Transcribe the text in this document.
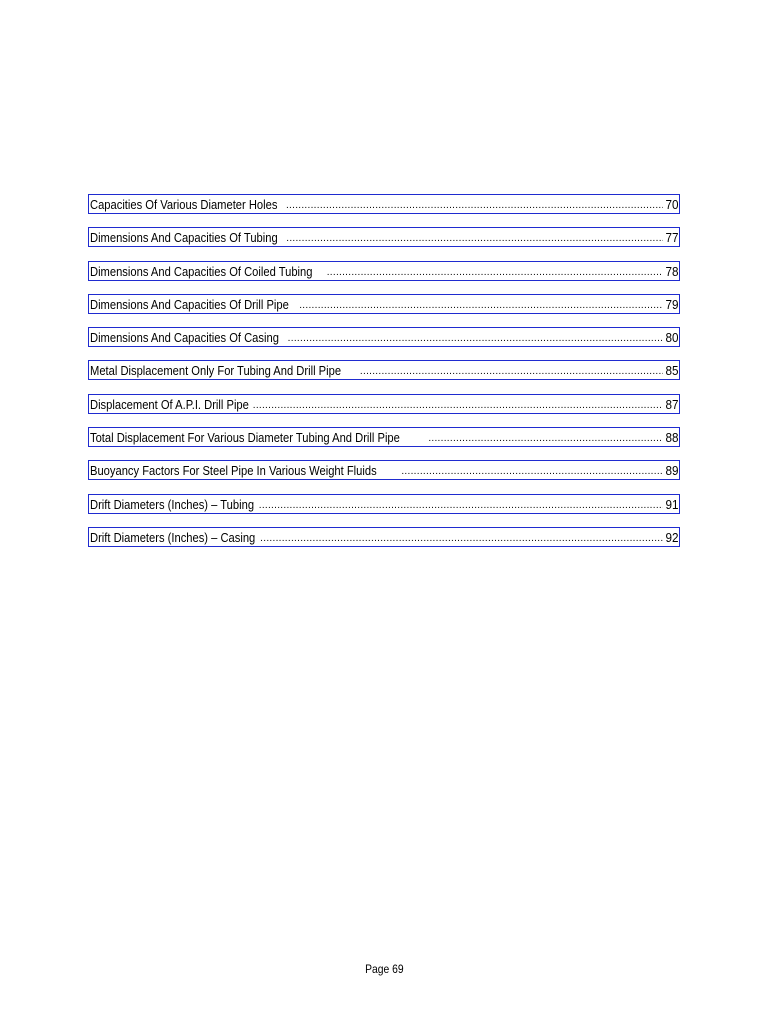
Capacities Of Various Diameter Holes .....	70
Dimensions And Capacities Of Tubing .....	77
Dimensions And Capacities Of Coiled Tubing .....	78
Dimensions And Capacities Of Drill Pipe .....	79
Dimensions And Capacities Of Casing .....	80
Metal Displacement Only For Tubing And Drill Pipe .....	85
Displacement Of A.P.I. Drill Pipe .....	87
Total Displacement For Various Diameter Tubing And Drill Pipe .....	88
Buoyancy Factors For Steel Pipe In Various Weight Fluids .....	89
Drift Diameters (Inches) – Tubing .....	91
Drift Diameters (Inches) – Casing .....	92
Page 69
